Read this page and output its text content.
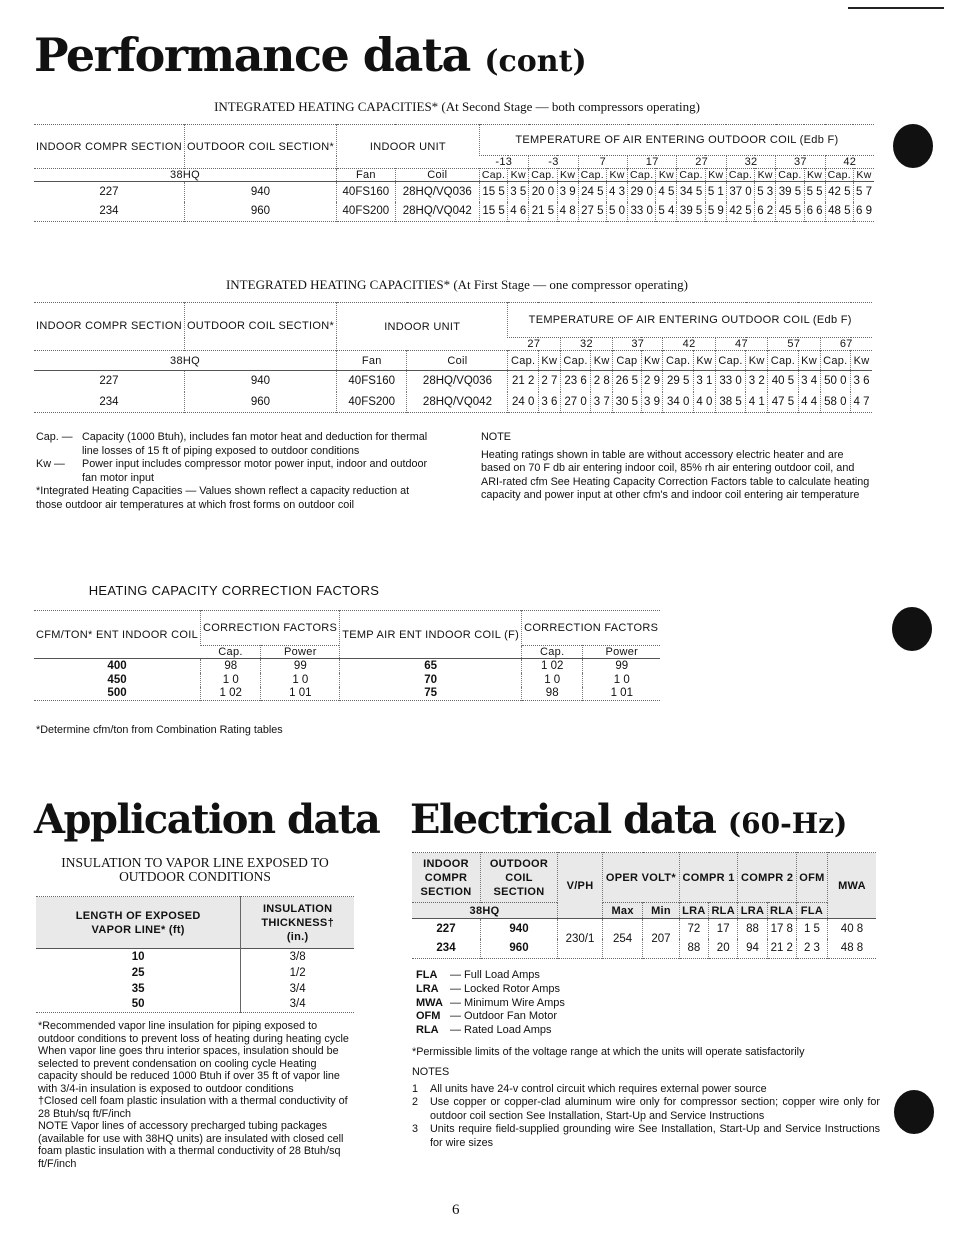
Performance data (cont)
INTEGRATED HEATING CAPACITIES* (At Second Stage — both compressors operating)
INDOOR COMPR SECTION	OUTDOOR COIL SECTION*	INDOOR UNIT		TEMPERATURE OF AIR ENTERING OUTDOOR COIL (Edb F)															
				-13		-3		7		17		27		32		37		42	
38HQ		Fan	Coil	Cap.	Kw	Cap.	Kw	Cap.	Kw	Cap.	Kw	Cap.	Kw	Cap.	Kw	Cap.	Kw	Cap.	Kw
227	940	40FS160	28HQ/VQ036	15 5	3 5	20 0	3 9	24 5	4 3	29 0	4 5	34 5	5 1	37 0	5 3	39 5	5 5	42 5	5 7
234	960	40FS200	28HQ/VQ042	15 5	4 6	21 5	4 8	27 5	5 0	33 0	5 4	39 5	5 9	42 5	6 2	45 5	6 6	48 5	6 9
INTEGRATED HEATING CAPACITIES* (At First Stage — one compressor operating)
INDOOR COMPR SECTION	OUTDOOR COIL SECTION*	INDOOR UNIT		TEMPERATURE OF AIR ENTERING OUTDOOR COIL (Edb F)													
				27		32		37		42		47		57		67	
38HQ		Fan	Coil	Cap.	Kw	Cap.	Kw	Cap	Kw	Cap.	Kw	Cap.	Kw	Cap.	Kw	Cap.	Kw
227	940	40FS160	28HQ/VQ036	21 2	2 7	23 6	2 8	26 5	2 9	29 5	3 1	33 0	3 2	40 5	3 4	50 0	3 6
234	960	40FS200	28HQ/VQ042	24 0	3 6	27 0	3 7	30 5	3 9	34 0	4 0	38 5	4 1	47 5	4 4	58 0	4 7
Cap. — Capacity (1000 Btuh), includes fan motor heat and deduction for thermal line losses of 15 ft of piping exposed to outdoor conditions
Kw —	Power input includes compressor motor power input, indoor and outdoor fan motor input

*Integrated Heating Capacities — Values shown reflect a capacity reduction at those outdoor air temperatures at which frost forms on outdoor coil

NOTE

Heating ratings shown in table are without accessory electric heater and are based on 70 F db air entering indoor coil, 85% rh air entering outdoor coil, and ARI-rated cfm See Heating Capacity Correction Factors table to calculate heating capacity and power input at other cfm's and indoor coil entering air temperature

HEATING CAPACITY CORRECTION FACTORS
CFM/TON* ENT INDOOR COIL	CORRECTION FACTORS		TEMP AIR ENT INDOOR COIL (F)	CORRECTION FACTORS	
	Cap.	Power		Cap.	Power
400	98	99	65	1 02	99
450	1 0	1 0	70	1 0	1 0
500	1 02	1 01	75	98	1 01
*Determine cfm/ton from Combination Rating tables
Application data
INSULATION TO VAPOR LINE EXPOSED TO OUTDOOR CONDITIONS
LENGTH OF EXPOSED VAPOR LINE* (ft)	INSULATION THICKNESS† (in.)
10	3/8
25	1/2
35	3/4
50	3/4

*Recommended vapor line insulation for piping exposed to outdoor conditions to prevent loss of heating during heating cycle When vapor line goes thru interior spaces, insulation should be selected to prevent condensation on cooling cycle Heating capacity should be reduced 1000 Btuh if over 35 ft of vapor line with 3/4-in insulation is exposed to outdoor conditions

†Closed cell foam plastic insulation with a thermal conductivity of 28 Btuh/sq ft/F/inch

NOTE Vapor lines of accessory precharged tubing packages (available for use with 38HQ units) are insulated with closed cell foam plastic insulation with a thermal conductivity of 28 Btuh/sq ft/F/inch

Electrical data (60-Hz)
INDOOR COMPR SECTION	OUTDOOR COIL SECTION	V/PH	OPER VOLT*		COMPR 1		COMPR 2		OFM	MWA
38HQ			Max	Min	LRA	RLA	LRA	RLA	FLA	
227	940	230/1	254	207	72	17	88	17 8	1 5	40 8
234	960				88	20	94	21 2	2 3	48 8
FLA	— Full Load Amps
LRA	— Locked Rotor Amps
MWA — Minimum Wire Amps
OFM — Outdoor Fan Motor
RLA	— Rated Load Amps
*Permissible limits of the voltage range at which the units will operate satisfactorily

NOTES

1	All units have 24-v control circuit which requires external power source
2	Use copper or copper-clad aluminum wire only for compressor section; copper wire only for outdoor coil section See Installation, Start-Up and Service Instructions
3	Units require field-supplied grounding wire See Installation, Start-Up and Service Instructions for wire sizes
6
